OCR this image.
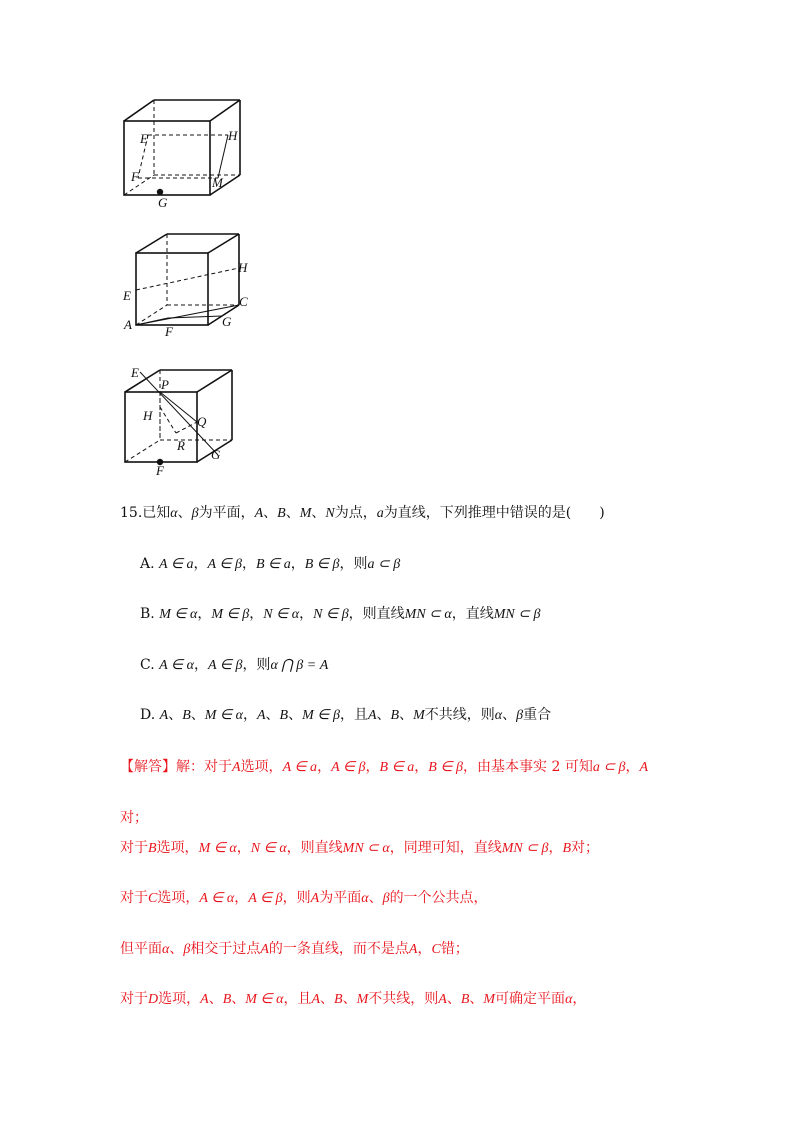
E	H
F	M
G
E
H
C
A	F
G
E
P
H	Q
R
G
F
15.已知α、β为平面，A、B、M、N为点，a为直线，下列推理中错误的是(　　)
A. A ∈ a，A ∈ β，B ∈ a，B ∈ β，则a ⊂ β
B. M ∈ α，M ∈ β，N ∈ α，N ∈ β，则直线MN ⊂ α，直线MN ⊂ β
C. A ∈ α，A ∈ β，则α ⋂ β = A
D. A、B、M ∈ α，A、B、M ∈ β，且A、B、M不共线，则α、β重合
【解答】解：对于A选项，A ∈ a，A ∈ β，B ∈ a，B ∈ β，由基本事实 2 可知a ⊂ β，A
对；
对于B选项，M ∈ α，N ∈ α，则直线MN ⊂ α，同理可知，直线MN ⊂ β，B对；
对于C选项，A ∈ α，A ∈ β，则A为平面α、β的一个公共点，
但平面α、β相交于过点A的一条直线，而不是点A，C错；
对于D选项，A、B、M ∈ α，且A、B、M不共线，则A、B、M可确定平面α，
